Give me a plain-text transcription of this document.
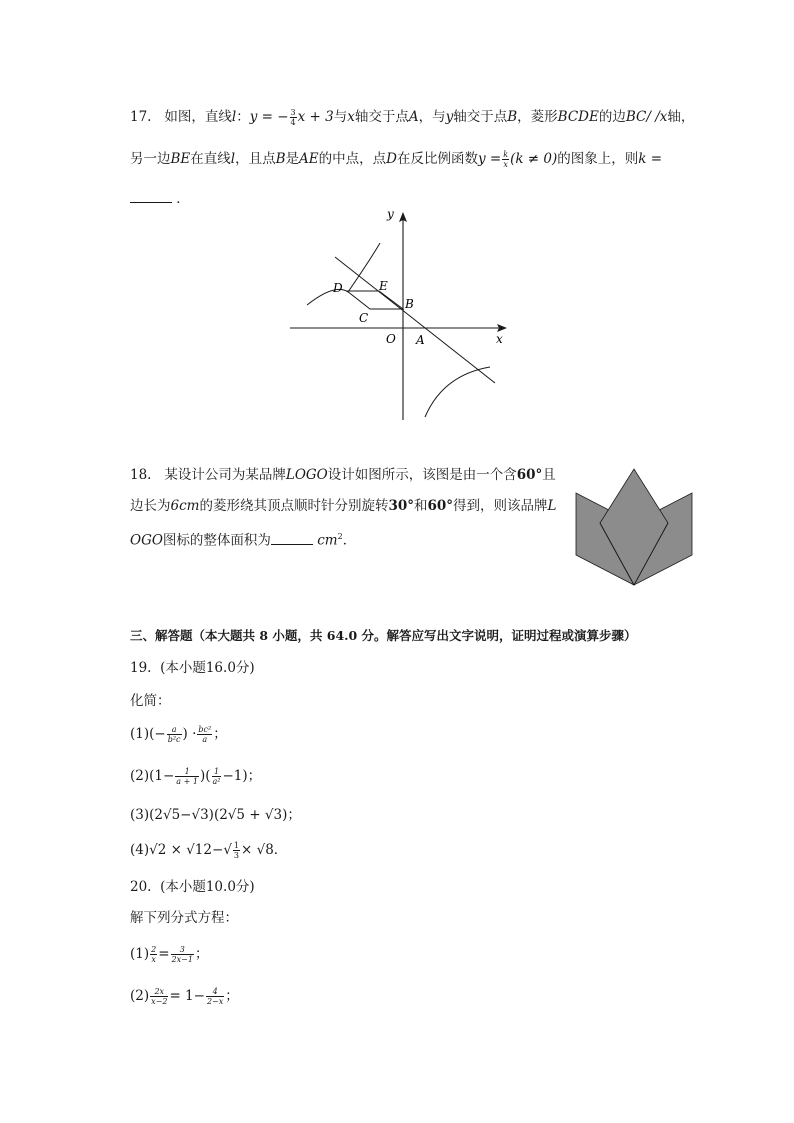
17. 如图，直线l：y = − $\frac{3}{4}$ x + 3与x轴交于点A，与y轴交于点B，菱形BCDE的边BC/ /x轴，
另一边BE在直线l，且点B是AE的中点，点D在反比例函数$y = \frac{k}{x} (k \ne 0)$的图象上，则k =
．
y
x
O A
B
C
D	E
18. 某设计公司为某品牌LOGO设计如图所示，该图是由一个含60°且
边长为6cm的菱形绕其顶点顺时针分别旋转30°和60°得到，则该品牌L
OGO图标的整体面积为	$cm^2$．
三、解答题（本大题共 8 小题，共 64.0 分。解答应写出文字说明，证明过程或演算步骤）
19. (本小题16.0分)
化简：
$(1)(- \frac{a}{\text{b²c}}$ ) · $\frac{\text{bc²}}{a}$ ；
$(2)(1- \frac{1}{a + 1}$ )( $\frac{1}{\text{a²}} -1$)；
(3)(2√5−√3)(2√5 + √3)；
$(4)√2 \times √12-√ \frac{1}{3} \times √8$．
20. (本小题10.0分)
解下列分式方程：
$(1) \frac{2}{x} = \frac{3}{2x-1}$ ；
$(2) \frac{2x}{x-2} = 1- \frac{4}{2-x}$ ；
